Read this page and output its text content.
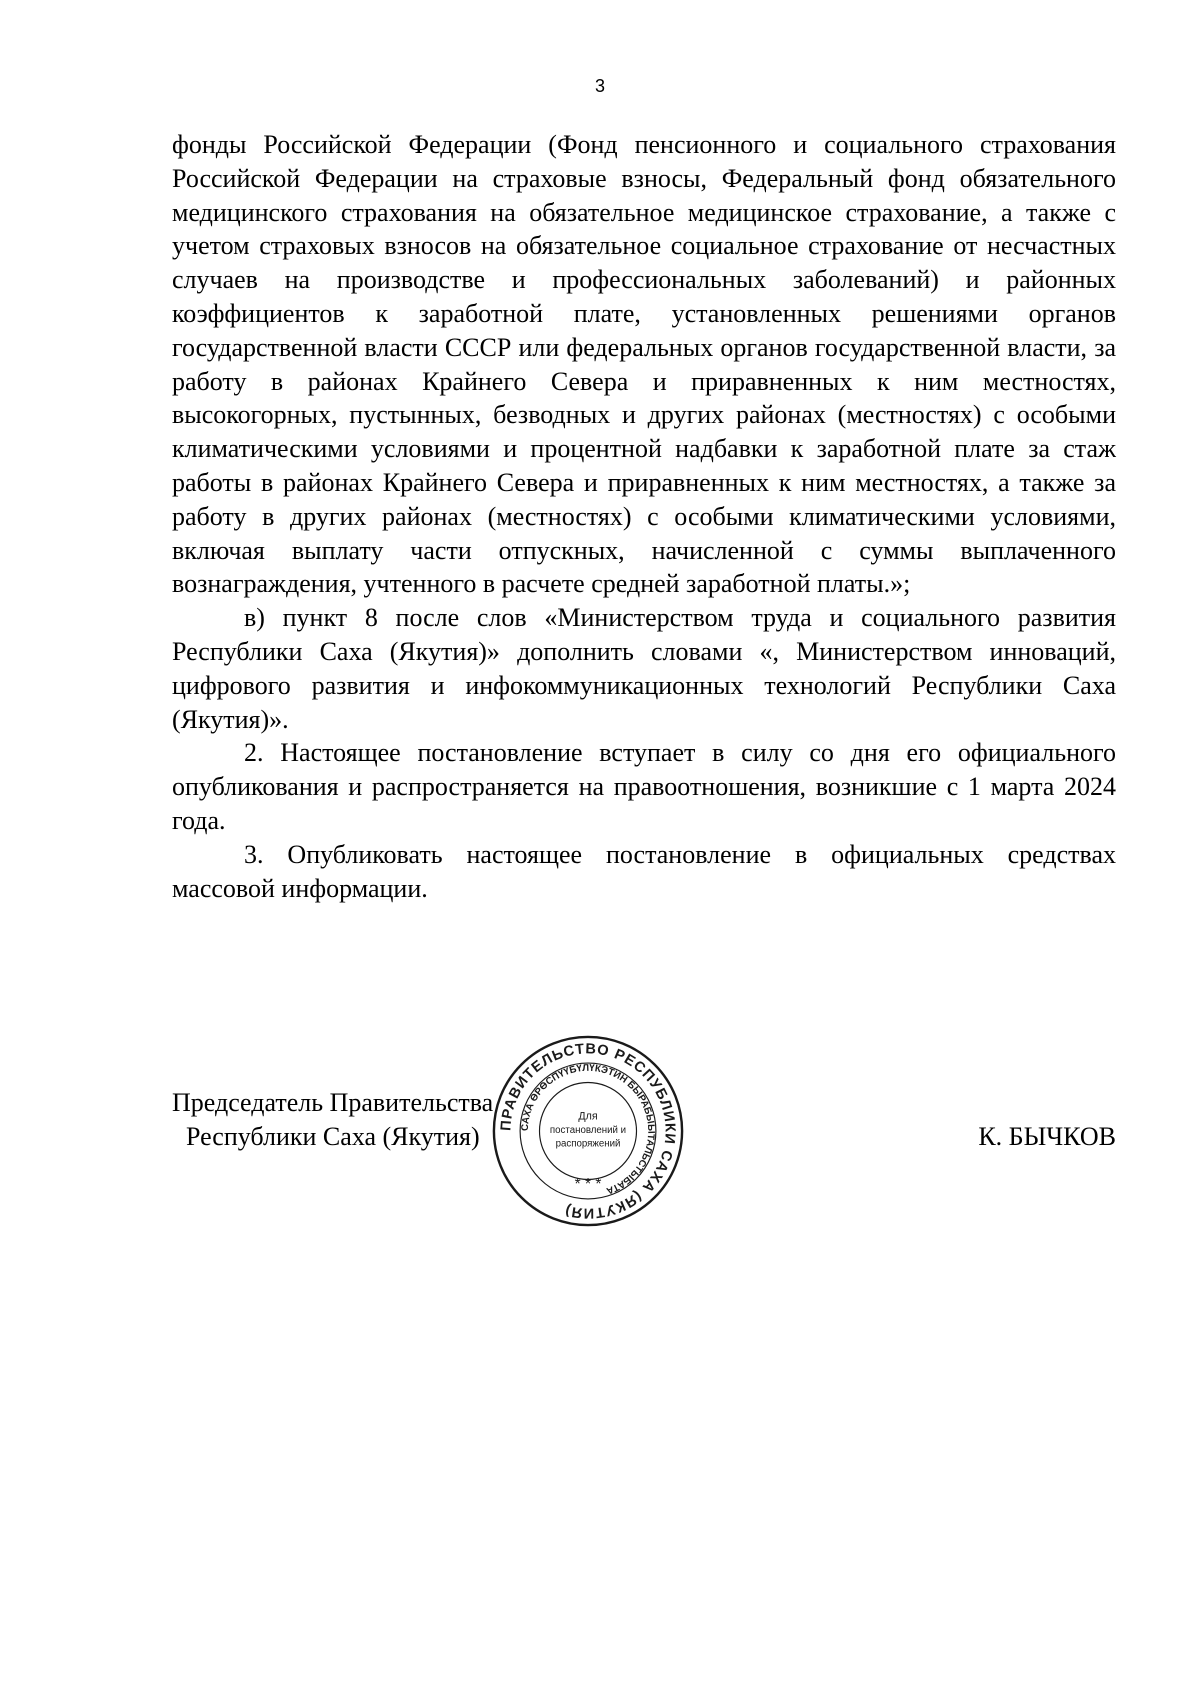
3

фонды Российской Федерации (Фонд пенсионного и социального страхования Российской Федерации на страховые взносы, Федеральный фонд обязательного медицинского страхования на обязательное медицинское страхование, а также с учетом страховых взносов на обязательное социальное страхование от несчастных случаев на производстве и профессиональных заболеваний) и районных коэффициентов к заработной плате, установленных решениями органов государственной власти СССР или федеральных органов государственной власти, за работу в районах Крайнего Севера и приравненных к ним местностях, высокогорных, пустынных, безводных и других районах (местностях) с особыми климатическими условиями и процентной надбавки к заработной плате за стаж работы в районах Крайнего Севера и приравненных к ним местностях, а также за работу в других районах (местностях) с особыми климатическими условиями, включая выплату части отпускных, начисленной с суммы выплаченного вознаграждения, учтенного в расчете средней заработной платы.»;

в) пункт 8 после слов «Министерством труда и социального развития Республики Саха (Якутия)» дополнить словами «, Министерством инноваций, цифрового развития и инфокоммуникационных технологий Республики Саха (Якутия)».

2. Настоящее постановление вступает в силу со дня его официального опубликования и распространяется на правоотношения, возникшие с 1 марта 2024 года.

3. Опубликовать настоящее постановление в официальных средствах массовой информации.

Председатель Правительства
Республики Саха (Якутия)	К. БЫЧКОВ
ПРАВИТЕЛЬСТВО РЕСПУБЛИКИ САХА (ЯКУТИЯ)
САХА ӨРӨСПҮҮБҮЛҮКЭТИН БЫРАБЫЫТАЛЬСТЫБАТА
Для
постановлений и
распоряжений
* * *
